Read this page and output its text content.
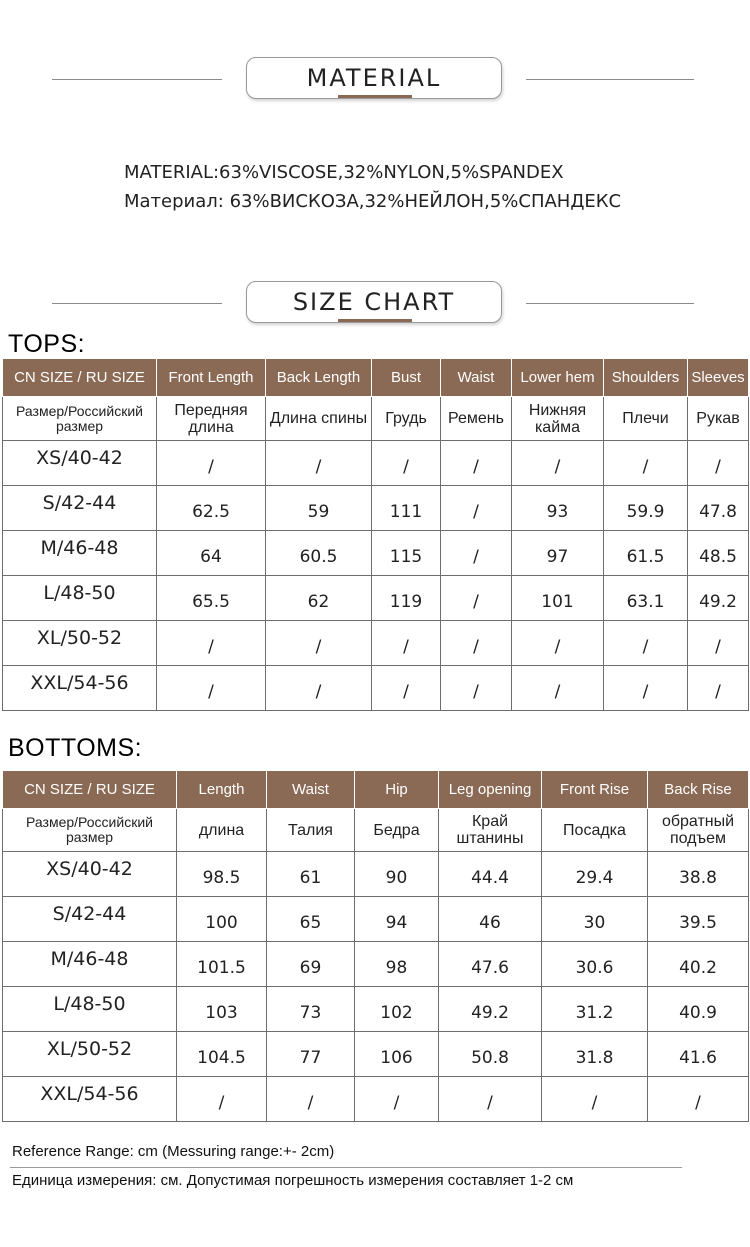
MATERIAL
MATERIAL:63%VISCOSE,32%NYLON,5%SPANDEX
Материал: 63%ВИСКОЗА,32%НЕЙЛОН,5%СПАНДЕКС
SIZE CHART
TOPS:
CN SIZE / RU SIZE	Front Length	Back Length	Bust	Waist	Lower hem	Shoulders	Sleeves
Размер/Российский размер	Передняя длина	Длина спины	Грудь	Ремень	Нижняя кайма	Плечи	Рукав
XS/40-42	/	/	/	/	/	/	/
S/42-44	62.5	59	111	/	93	59.9	47.8
M/46-48	64	60.5	115	/	97	61.5	48.5
L/48-50	65.5	62	119	/	101	63.1	49.2
XL/50-52	/	/	/	/	/	/	/
XXL/54-56	/	/	/	/	/	/	/
BOTTOMS:
CN SIZE / RU SIZE	Length	Waist	Hip	Leg opening	Front Rise	Back Rise
Размер/Российский размер	длина	Талия	Бедра	Край штанины	Посадка	обратный подъем
XS/40-42	98.5	61	90	44.4	29.4	38.8
S/42-44	100	65	94	46	30	39.5
M/46-48	101.5	69	98	47.6	30.6	40.2
L/48-50	103	73	102	49.2	31.2	40.9
XL/50-52	104.5	77	106	50.8	31.8	41.6
XXL/54-56	/	/	/	/	/	/
Reference Range: cm (Messuring range:+- 2cm)
Единица измерения: см. Допустимая погрешность измерения составляет 1-2 см
